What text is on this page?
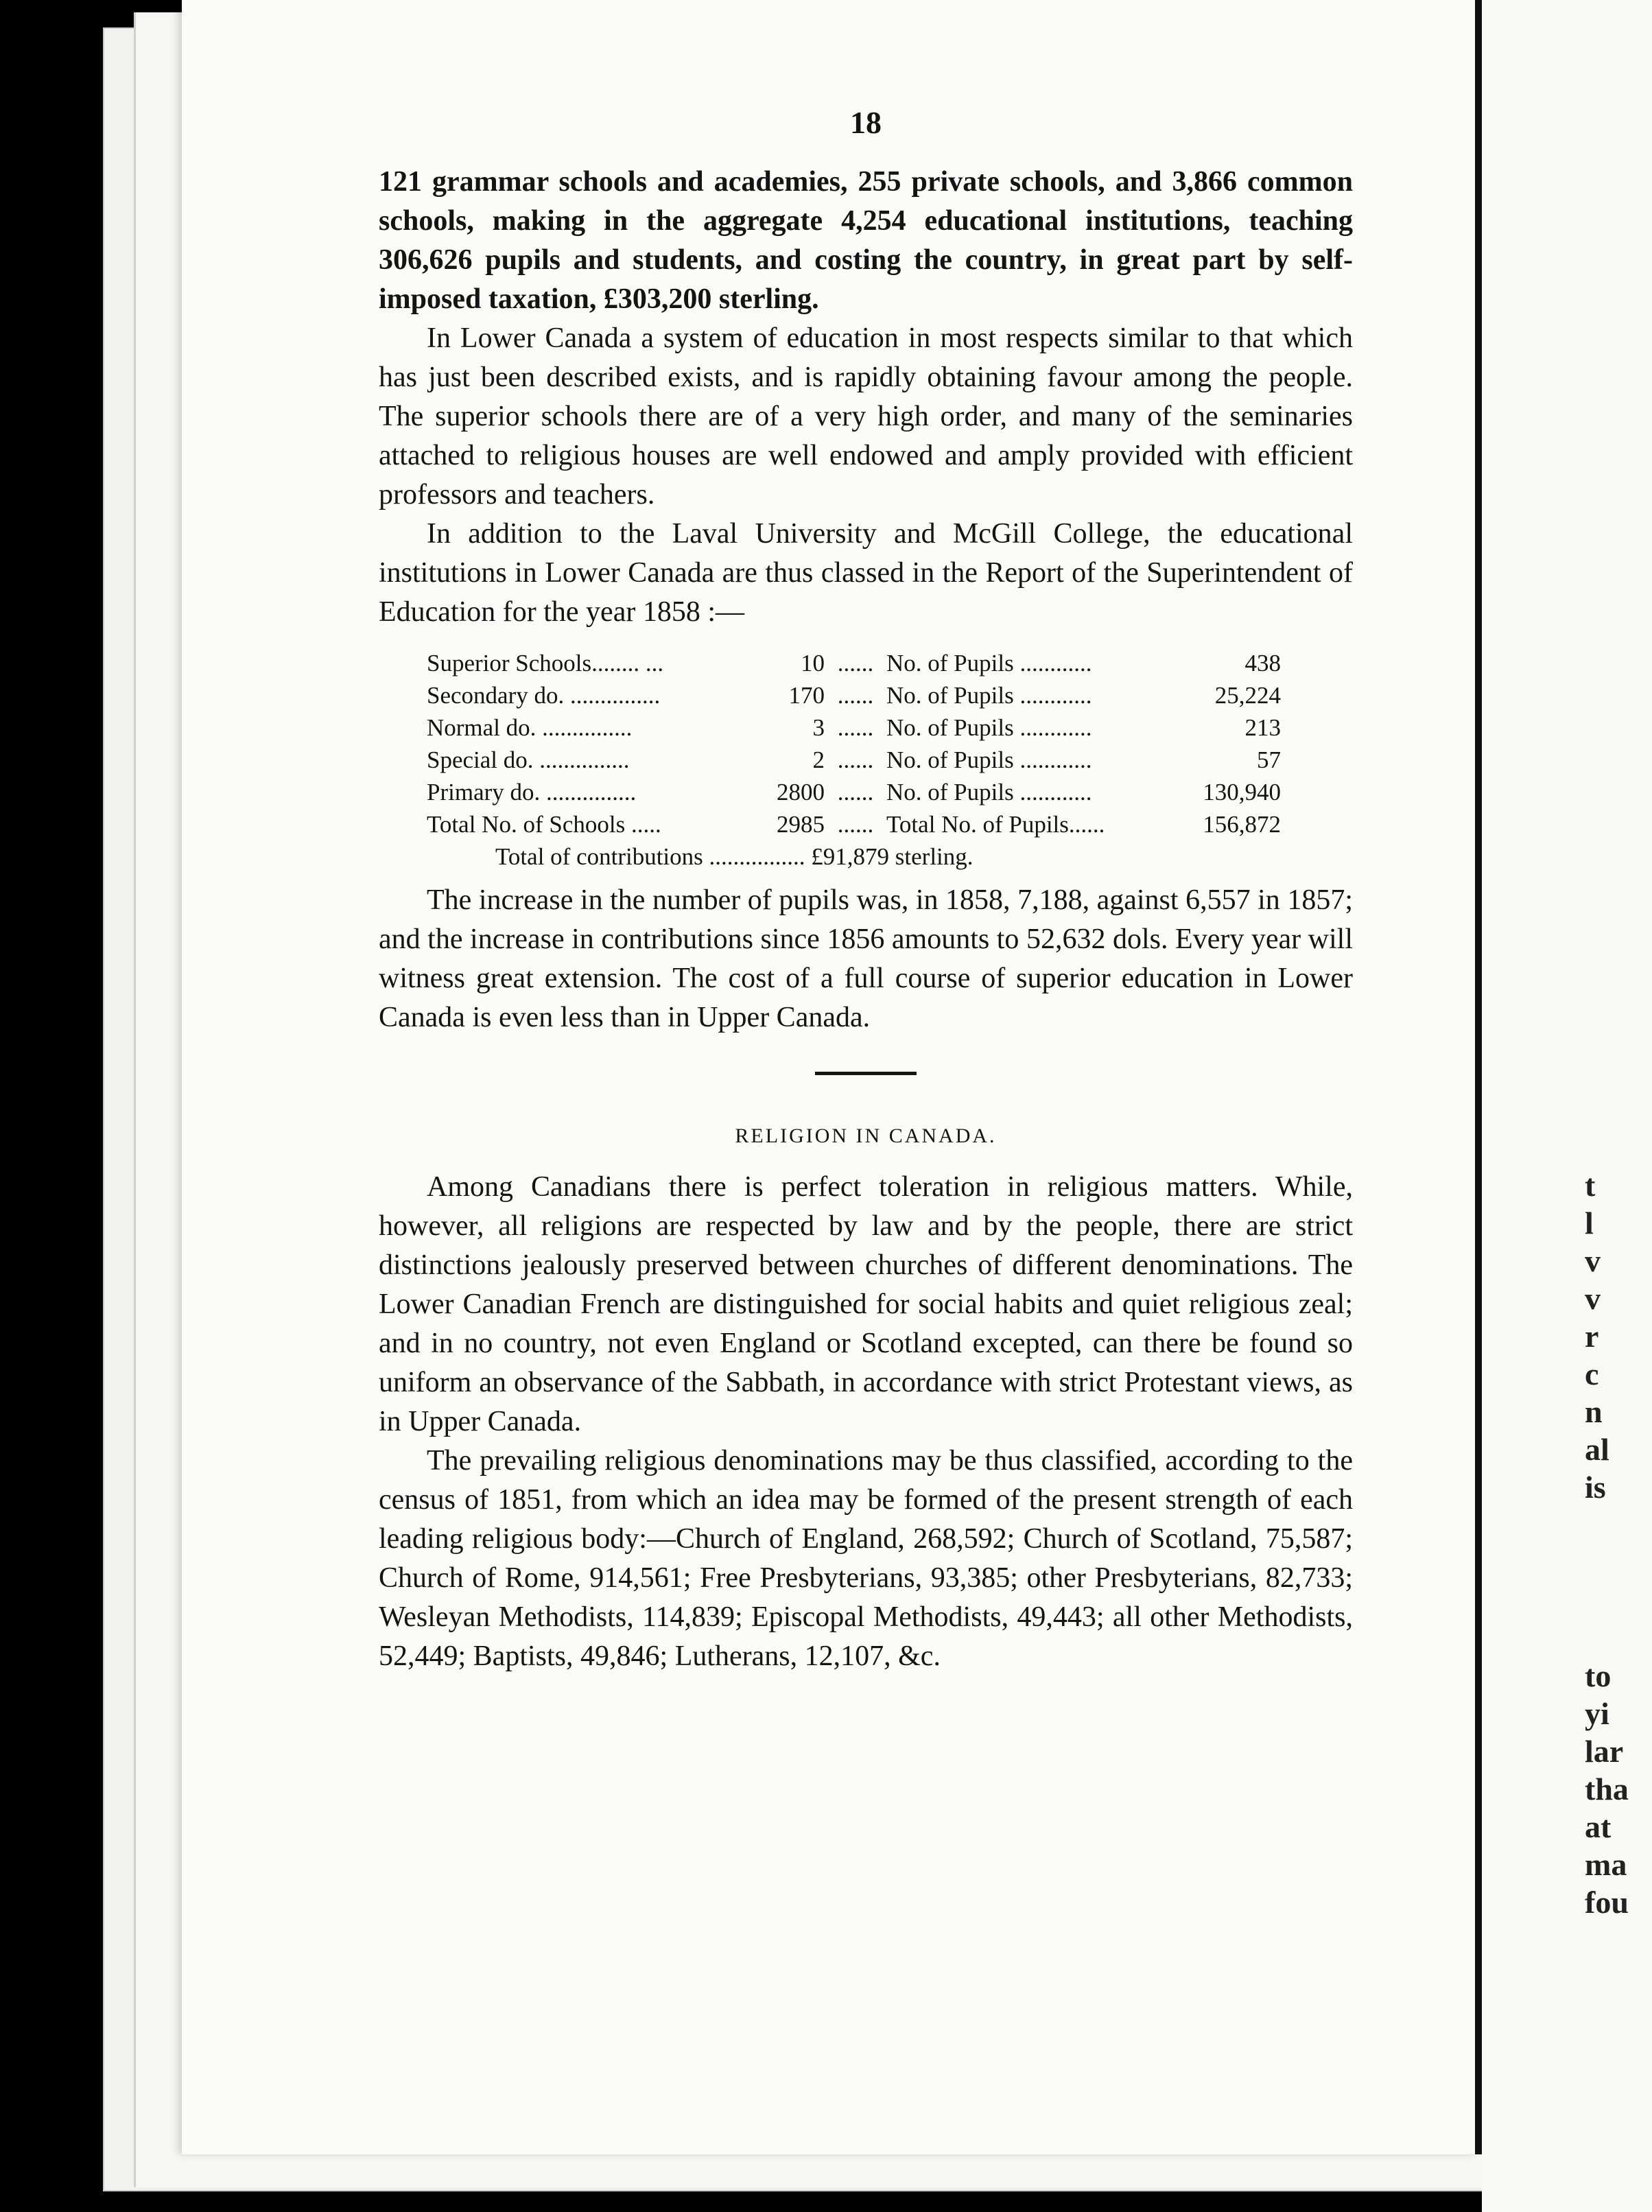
t
l
v
v
r
c
n
al
is
to
yi
lar
tha
at
ma
fou
18

121 grammar schools and academies, 255 private schools, and 3,866 common schools, making in the aggregate 4,254 educational institutions, teaching 306,626 pupils and students, and costing the country, in great part by self-imposed taxation, £303,200 sterling.

In Lower Canada a system of education in most respects similar to that which has just been described exists, and is rapidly obtaining favour among the people. The superior schools there are of a very high order, and many of the seminaries attached to religious houses are well endowed and amply provided with efficient professors and teachers.

In addition to the Laval University and McGill College, the educational institutions in Lower Canada are thus classed in the Report of the Superintendent of Education for the year 1858 :—

Superior Schools........ ...	10 ...... No. of Pupils ............	438
Secondary do. ...............	170 ...... No. of Pupils ............	25,224
Normal do. ...............	3 ...... No. of Pupils ............	213
Special do. ...............	2 ...... No. of Pupils ............	57
Primary do. ...............	2800 ...... No. of Pupils ............	130,940
Total No. of Schools .....	2985 ...... Total No. of Pupils......	156,872
Total of contributions ................ £91,879 sterling.

The increase in the number of pupils was, in 1858, 7,188, against 6,557 in 1857; and the increase in contributions since 1856 amounts to 52,632 dols. Every year will witness great extension. The cost of a full course of superior education in Lower Canada is even less than in Upper Canada.

RELIGION IN CANADA.

Among Canadians there is perfect toleration in religious matters. While, however, all religions are respected by law and by the people, there are strict distinctions jealously preserved between churches of different denominations. The Lower Canadian French are distinguished for social habits and quiet religious zeal; and in no country, not even England or Scotland excepted, can there be found so uniform an observance of the Sabbath, in accordance with strict Protestant views, as in Upper Canada.

The prevailing religious denominations may be thus classified, according to the census of 1851, from which an idea may be formed of the present strength of each leading religious body:—Church of England, 268,592; Church of Scotland, 75,587; Church of Rome, 914,561; Free Presbyterians, 93,385; other Presbyterians, 82,733; Wesleyan Methodists, 114,839; Episcopal Methodists, 49,443; all other Methodists, 52,449; Baptists, 49,846; Lutherans, 12,107, &c.
